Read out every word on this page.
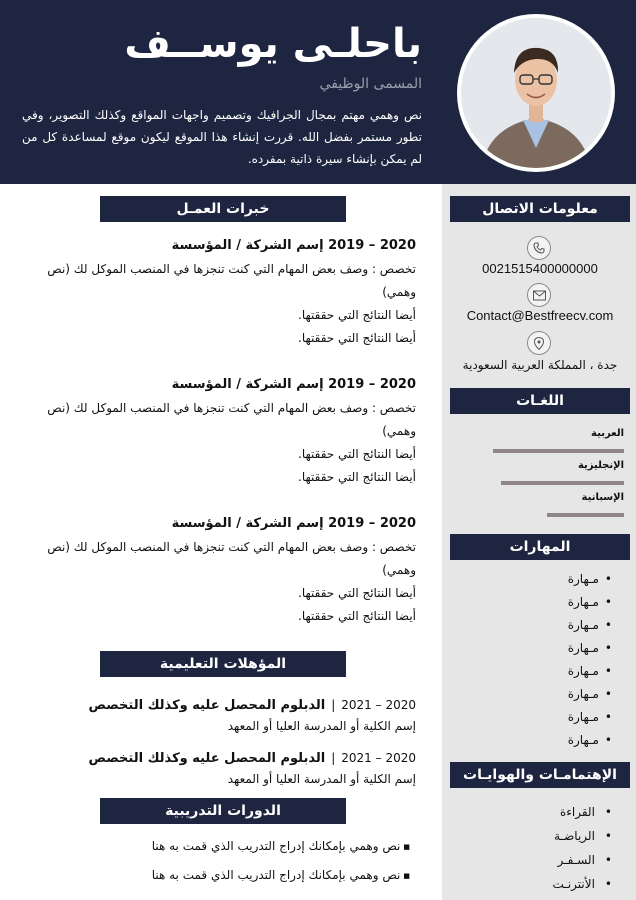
باحلـى يوســف
المسمى الوظيفي
نص وهمي مهتم بمجال الجرافيك وتصميم واجهات المواقع وكذلك التصوير، وفي تطور مستمر بفضل الله. قررت إنشاء هذا الموقع ليكون موقع لمساعدة كل من لم يمكن بإنشاء سيرة ذاتية بمفرده.
معلومات الاتصال
0021515400000000
Contact@Bestfreecv.com
جدة ، المملكة العربية السعودية
اللغـات
العربية
الإنجليزية
الإسبانية
المهارات
• مـهارة
• مـهارة
• مـهارة
• مـهارة
• مـهارة
• مـهارة
• مـهارة
• مـهارة
الإهتمامـات والهوايـات
• القراءة
• الرياضـة
• السـفـر
• الأنترنـت
خبرات العمـل
2020 – 2019 إسم الشركة / المؤسسة
تخصص : وصف بعض المهام التي كنت تنجزها في المنصب الموكل لك (نص وهمي)
أيضا النتائج التي حققتها.
أيضا النتائج التي حققتها.
2020 – 2019 إسم الشركة / المؤسسة
تخصص : وصف بعض المهام التي كنت تنجزها في المنصب الموكل لك (نص وهمي)
أيضا النتائج التي حققتها.
أيضا النتائج التي حققتها.
2020 – 2019 إسم الشركة / المؤسسة
تخصص : وصف بعض المهام التي كنت تنجزها في المنصب الموكل لك (نص وهمي)
أيضا النتائج التي حققتها.
أيضا النتائج التي حققتها.
المؤهلات التعليمية
2020 – 2021|الدبلوم المحصل عليه وكذلك التخصص
إسم الكلية أو المدرسة العليا أو المعهد
2020 – 2021|الدبلوم المحصل عليه وكذلك التخصص
إسم الكلية أو المدرسة العليا أو المعهد
الدورات التدريبية
■ نص وهمي بإمكانك إدراج التدريب الذي قمت به هنا
■ نص وهمي بإمكانك إدراج التدريب الذي قمت به هنا
